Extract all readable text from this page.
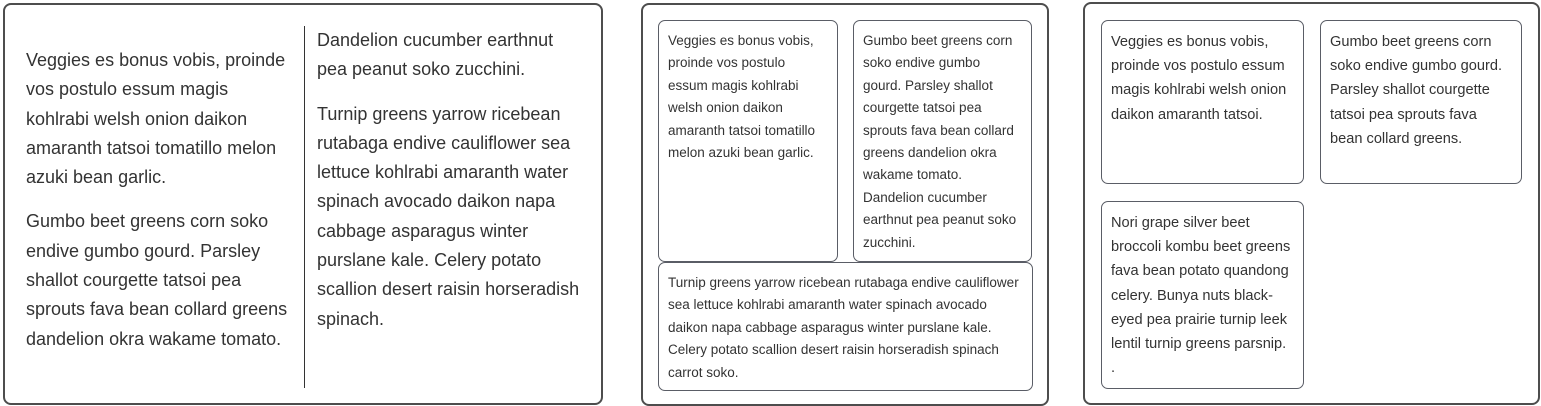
Veggies es bonus vobis, proinde vos postulo essum magis kohlrabi welsh onion daikon amaranth tatsoi tomatillo melon azuki bean garlic.

Gumbo beet greens corn soko endive gumbo gourd. Parsley shallot courgette tatsoi pea sprouts fava bean collard greens dandelion okra wakame tomato. Dandelion cucumber earthnut pea peanut soko zucchini.

Turnip greens yarrow ricebean rutabaga endive cauliflower sea lettuce kohlrabi amaranth water spinach avocado daikon napa cabbage asparagus winter purslane kale. Celery potato scallion desert raisin horseradish spinach.

Veggies es bonus vobis, proinde vos postulo essum magis kohlrabi welsh onion daikon amaranth tatsoi tomatillo melon azuki bean garlic.

Gumbo beet greens corn soko endive gumbo gourd. Parsley shallot courgette tatsoi pea sprouts fava bean collard greens dandelion okra wakame tomato. Dandelion cucumber earthnut pea peanut soko zucchini.

Turnip greens yarrow ricebean rutabaga endive cauliflower sea lettuce kohlrabi amaranth water spinach avocado daikon napa cabbage asparagus winter purslane kale. Celery potato scallion desert raisin horseradish spinach carrot soko.

Veggies es bonus vobis, proinde vos postulo essum magis kohlrabi welsh onion daikon amaranth tatsoi.

Gumbo beet greens corn soko endive gumbo gourd. Parsley shallot courgette tatsoi pea sprouts fava bean collard greens.

Nori grape silver beet broccoli kombu beet greens fava bean potato quandong celery. Bunya nuts black-eyed pea prairie turnip leek lentil turnip greens parsnip. .
